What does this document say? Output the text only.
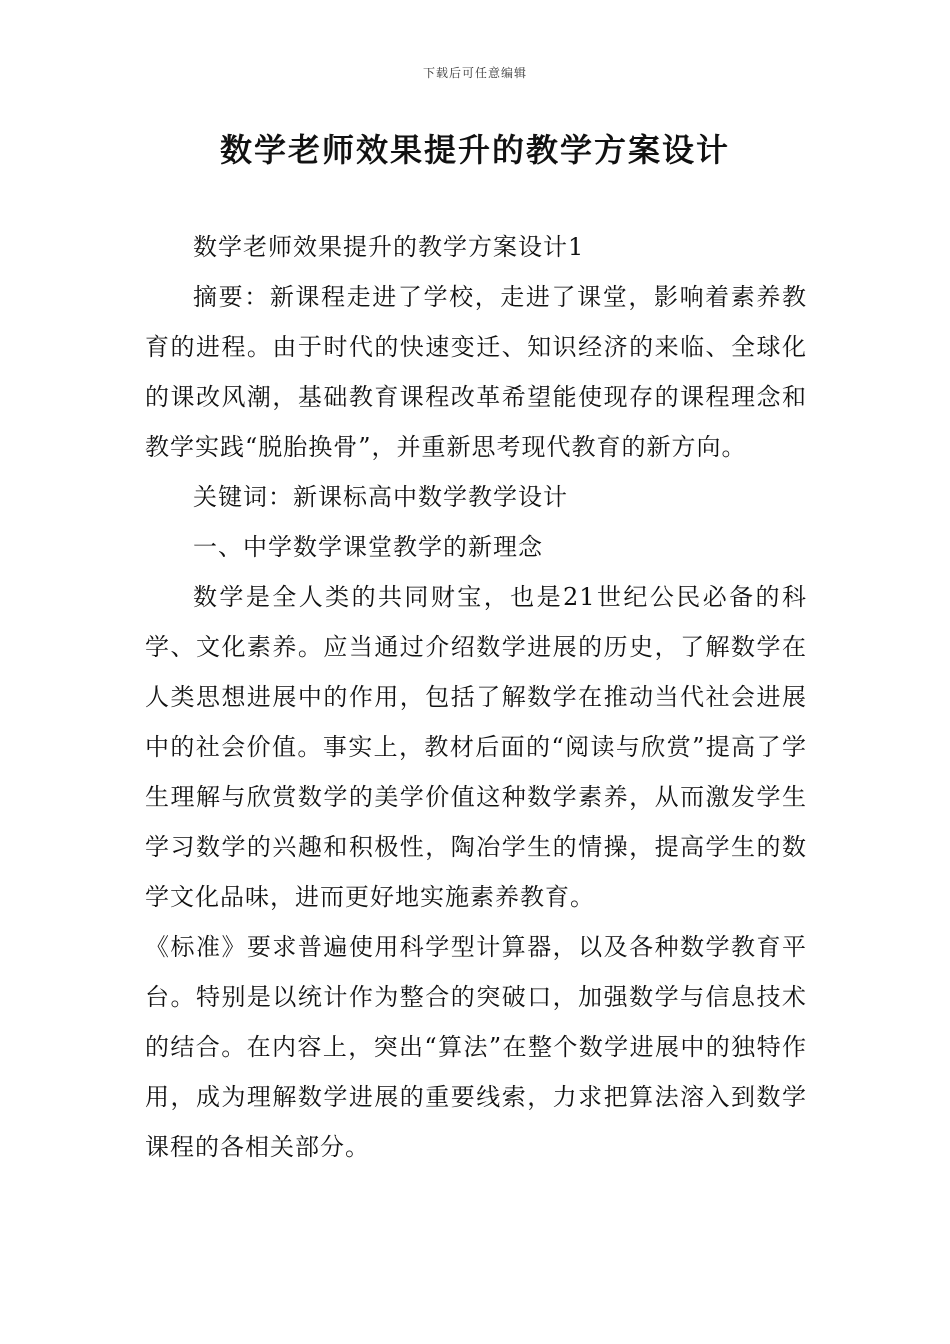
下载后可任意编辑
数学老师效果提升的教学方案设计

数学老师效果提升的教学方案设计1

摘要：新课程走进了学校，走进了课堂，影响着素养教育的进程。由于时代的快速变迁、知识经济的来临、全球化的课改风潮，基础教育课程改革希望能使现存的课程理念和教学实践“脱胎换骨”，并重新思考现代教育的新方向。

关键词：新课标高中数学教学设计

一、中学数学课堂教学的新理念

数学是全人类的共同财宝，也是21世纪公民必备的科学、文化素养。应当通过介绍数学进展的历史，了解数学在人类思想进展中的作用，包括了解数学在推动当代社会进展中的社会价值。事实上，教材后面的“阅读与欣赏”提高了学生理解与欣赏数学的美学价值这种数学素养，从而激发学生学习数学的兴趣和积极性，陶冶学生的情操，提高学生的数学文化品味，进而更好地实施素养教育。

《标准》要求普遍使用科学型计算器，以及各种数学教育平台。特别是以统计作为整合的突破口，加强数学与信息技术的结合。在内容上，突出“算法”在整个数学进展中的独特作用，成为理解数学进展的重要线索，力求把算法溶入到数学课程的各相关部分。
